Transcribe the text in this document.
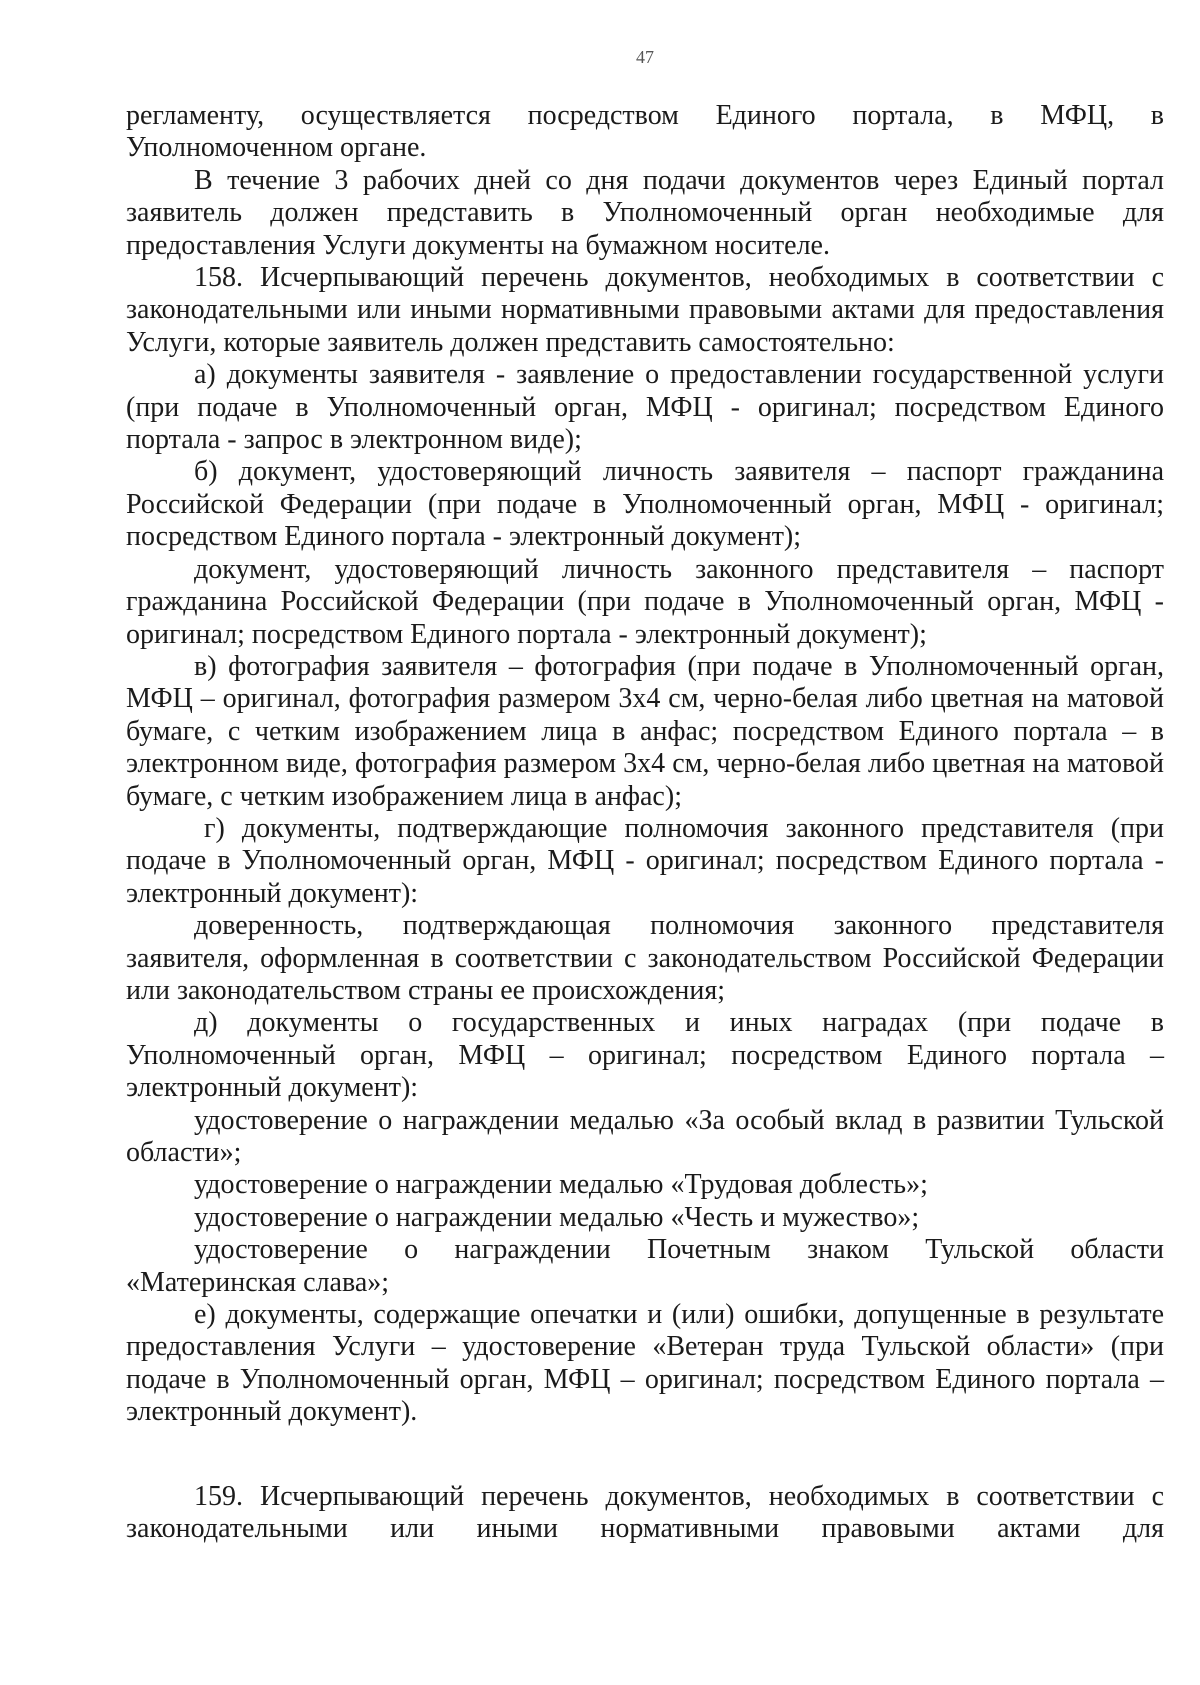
47

регламенту, осуществляется посредством Единого портала, в МФЦ, в Уполномоченном органе.

В течение 3 рабочих дней со дня подачи документов через Единый портал заявитель должен представить в Уполномоченный орган необходимые для предоставления Услуги документы на бумажном носителе.

158. Исчерпывающий перечень документов, необходимых в соответствии с законодательными или иными нормативными правовыми актами для предоставления Услуги, которые заявитель должен представить самостоятельно:

а) документы заявителя - заявление о предоставлении государственной услуги (при подаче в Уполномоченный орган, МФЦ - оригинал; посредством Единого портала - запрос в электронном виде);

б) документ, удостоверяющий личность заявителя – паспорт гражданина Российской Федерации (при подаче в Уполномоченный орган, МФЦ - оригинал; посредством Единого портала - электронный документ);

документ, удостоверяющий личность законного представителя – паспорт гражданина Российской Федерации (при подаче в Уполномоченный орган, МФЦ - оригинал; посредством Единого портала - электронный документ);

в) фотография заявителя – фотография (при подаче в Уполномоченный орган, МФЦ – оригинал, фотография размером 3х4 см, черно-белая либо цветная на матовой бумаге, с четким изображением лица в анфас; посредством Единого портала – в электронном виде, фотография размером 3х4 см, черно-белая либо цветная на матовой бумаге, с четким изображением лица в анфас);

г) документы, подтверждающие полномочия законного представителя (при подаче в Уполномоченный орган, МФЦ - оригинал; посредством Единого портала - электронный документ):

доверенность, подтверждающая полномочия законного представителя заявителя, оформленная в соответствии с законодательством Российской Федерации или законодательством страны ее происхождения;

д) документы о государственных и иных наградах (при подаче в Уполномоченный орган, МФЦ – оригинал; посредством Единого портала – электронный документ):

удостоверение о награждении медалью «За особый вклад в развитии Тульской области»;

удостоверение о награждении медалью «Трудовая доблесть»;

удостоверение о награждении медалью «Честь и мужество»;

удостоверение о награждении Почетным знаком Тульской области «Материнская слава»;

е) документы, содержащие опечатки и (или) ошибки, допущенные в результате предоставления Услуги – удостоверение «Ветеран труда Тульской области» (при подаче в Уполномоченный орган, МФЦ – оригинал; посредством Единого портала – электронный документ).

159. Исчерпывающий перечень документов, необходимых в соответствии с законодательными или иными нормативными правовыми актами для
